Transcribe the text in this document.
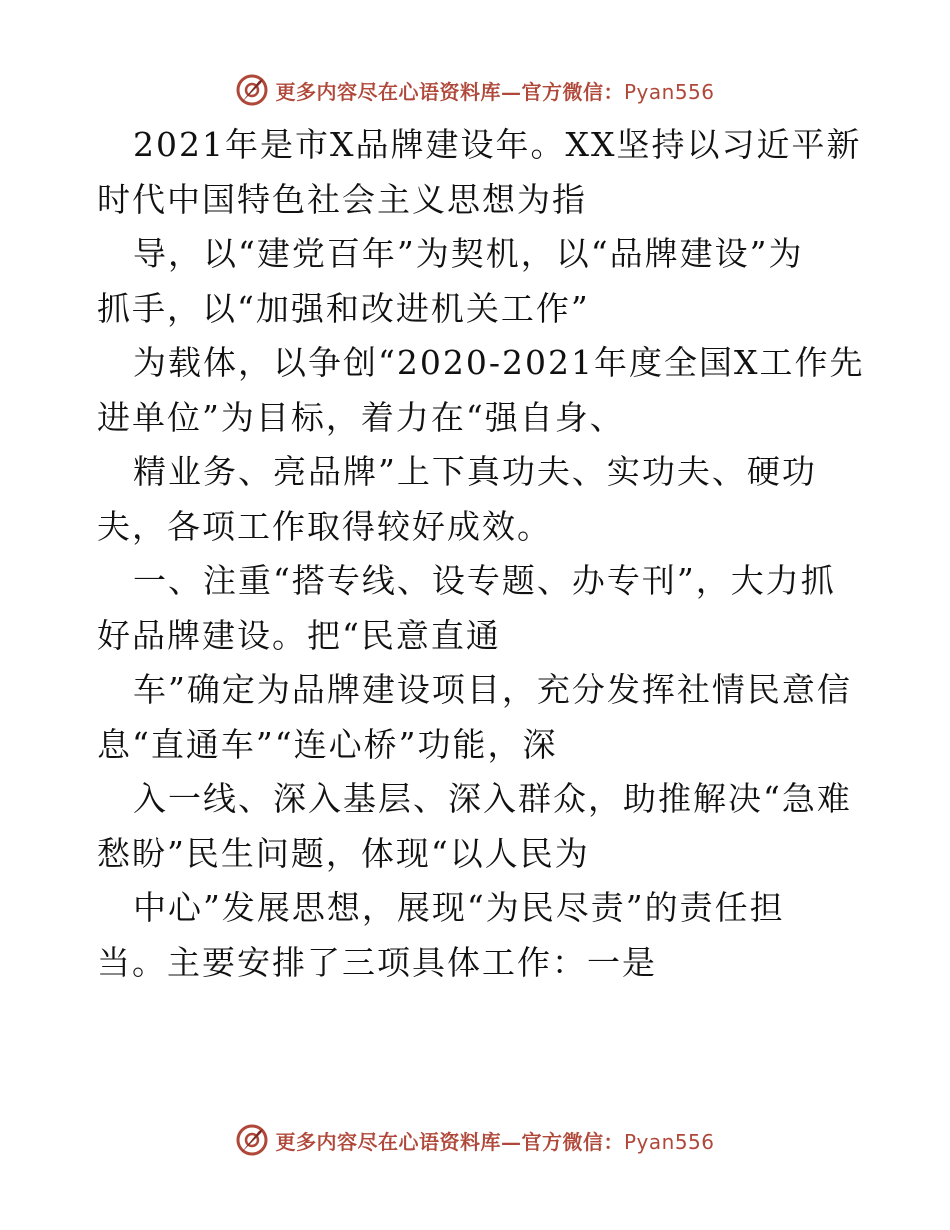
更多内容尽在心语资料库—官方微信：Pyan556
2021年是市X品牌建设年。XX坚持以习近平新
时代中国特色社会主义思想为指
导，以“建党百年”为契机，以“品牌建设”为
抓手，以“加强和改进机关工作”
为载体，以争创“2020-2021年度全国X工作先
进单位”为目标，着力在“强自身、
精业务、亮品牌”上下真功夫、实功夫、硬功
夫，各项工作取得较好成效。
一、注重“搭专线、设专题、办专刊”，大力抓
好品牌建设。把“民意直通
车”确定为品牌建设项目，充分发挥社情民意信
息“直通车”“连心桥”功能，深
入一线、深入基层、深入群众，助推解决“急难
愁盼”民生问题，体现“以人民为
中心”发展思想，展现“为民尽责”的责任担
当。主要安排了三项具体工作：一是
更多内容尽在心语资料库—官方微信：Pyan556
